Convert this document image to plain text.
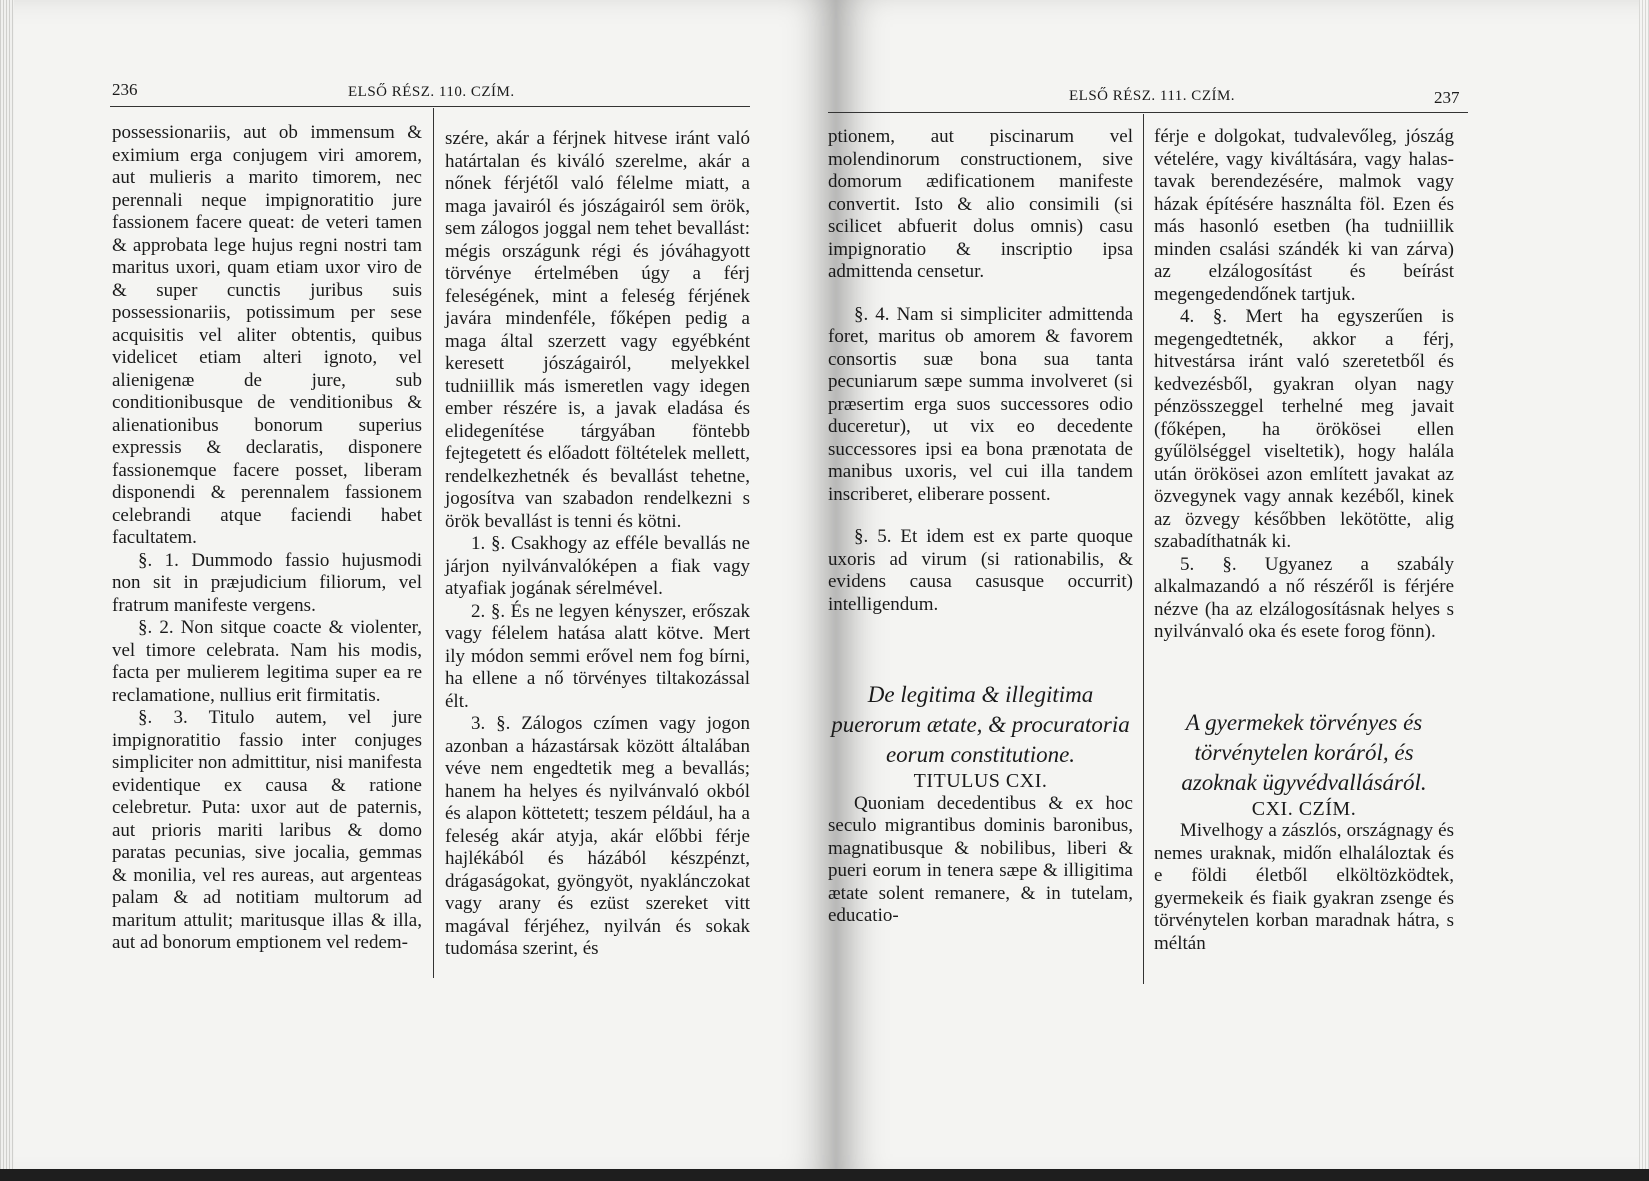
236	ELSŐ RÉSZ. 110. CZÍM.

possessionariis, aut ob immensum & eximium erga conjugem viri amorem, aut mulieris a marito timorem, nec perennali neque impignoratitio jure fassionem facere queat: de veteri tamen & approbata lege hujus regni nostri tam maritus uxori, quam etiam uxor viro de & super cunctis juribus suis possessionariis, potissimum per sese acquisitis vel aliter obtentis, quibus videlicet etiam alteri ignoto, vel alienigenæ de jure, sub conditionibusque de venditionibus & alienationibus bonorum superius expressis & declaratis, disponere fassionemque facere posset, liberam disponendi & perennalem fassionem celebrandi atque faciendi habet facultatem.

§. 1. Dummodo fassio hujusmodi non sit in præjudicium filiorum, vel fratrum manifeste vergens.

§. 2. Non sitque coacte & violenter, vel timore celebrata. Nam his modis, facta per mulierem legitima super ea re reclamatione, nullius erit firmitatis.

§. 3. Titulo autem, vel jure impignoratitio fassio inter conjuges simpliciter non admittitur, nisi manifesta evidentique ex causa & ratione celebretur. Puta: uxor aut de paternis, aut prioris mariti laribus & domo paratas pecunias, sive jocalia, gemmas & monilia, vel res aureas, aut argenteas palam & ad notitiam multorum ad maritum attulit; maritusque illas & illa, aut ad bonorum emptionem vel redem-

szére, akár a férjnek hitvese iránt való határtalan és kiváló szerelme, akár a nőnek férjétől való félelme miatt, a maga javairól és jószágairól sem örök, sem zálogos joggal nem tehet bevallást: mégis országunk régi és jóváhagyott törvénye értelmében úgy a férj feleségének, mint a feleség férjének javára mindenféle, főképen pedig a maga által szerzett vagy egyébként keresett jószágairól, melyekkel tudniillik más ismeretlen vagy idegen ember részére is, a javak eladása és elidegenítése tárgyában föntebb fejtegetett és előadott föltételek mellett, rendelkezhetnék és bevallást tehetne, jogosítva van szabadon rendelkezni s örök bevallást is tenni és kötni.

1. §. Csakhogy az efféle bevallás ne járjon nyilvánvalóképen a fiak vagy atyafiak jogának sérelmével.

2. §. És ne legyen kényszer, erőszak vagy félelem hatása alatt kötve. Mert ily módon semmi erővel nem fog bírni, ha ellene a nő törvényes tiltakozással élt.

3. §. Zálogos czímen vagy jogon azonban a házastársak között általában véve nem engedtetik meg a bevallás; hanem ha helyes és nyilvánvaló okból és alapon köttetett; teszem például, ha a feleség akár atyja, akár előbbi férje hajlékából és házából készpénzt, drágaságokat, gyöngyöt, nyaklánczokat vagy arany és ezüst szereket vitt magával férjéhez, nyilván és sokak tudomása szerint, és

ELSŐ RÉSZ. 111. CZÍM.	237

ptionem, aut piscinarum vel molendinorum constructionem, sive domorum ædificationem manifeste convertit. Isto & alio consimili (si scilicet abfuerit dolus omnis) casu impignoratio & inscriptio ipsa admittenda censetur.

§. 4. Nam si simpliciter admittenda foret, maritus ob amorem & favorem consortis suæ bona sua tanta pecuniarum sæpe summa involveret (si præsertim erga suos successores odio duceretur), ut vix eo decedente successores ipsi ea bona prænotata de manibus uxoris, vel cui illa tandem inscriberet, eliberare possent.

§. 5. Et idem est ex parte quoque uxoris ad virum (si rationabilis, & evidens causa casusque occurrit) intelligendum.

De legitima & illegitima puerorum ætate, & procuratoria eorum constitutione.

TITULUS CXI.

Quoniam decedentibus & ex hoc seculo migrantibus dominis baronibus, magnatibusque & nobilibus, liberi & pueri eorum in tenera sæpe & illigitima ætate solent remanere, & in tutelam, educatio-

férje e dolgokat, tudvalevőleg, jószág vételére, vagy kiváltására, vagy halas-tavak berendezésére, malmok vagy házak építésére használta föl. Ezen és más hasonló esetben (ha tudniillik minden csalási szándék ki van zárva) az elzálogosítást és beírást megengedendőnek tartjuk.

4. §. Mert ha egyszerűen is megengedtetnék, akkor a férj, hitvestársa iránt való szeretetből és kedvezésből, gyakran olyan nagy pénzösszeggel terhelné meg javait (főképen, ha örökösei ellen gyűlölséggel viseltetik), hogy halála után örökösei azon említett javakat az özvegynek vagy annak kezéből, kinek az özvegy későbben lekötötte, alig szabadíthatnák ki.

5. §. Ugyanez a szabály alkalmazandó a nő részéről is férjére nézve (ha az elzálogosításnak helyes s nyilvánvaló oka és esete forog fönn).

A gyermekek törvényes és törvénytelen koráról, és azoknak ügyvédvallásáról.

CXI. CZÍM.

Mivelhogy a zászlós, országnagy és nemes uraknak, midőn elhaláloztak és e földi életből elköltözködtek, gyermekeik és fiaik gyakran zsenge és törvénytelen korban maradnak hátra, s méltán
